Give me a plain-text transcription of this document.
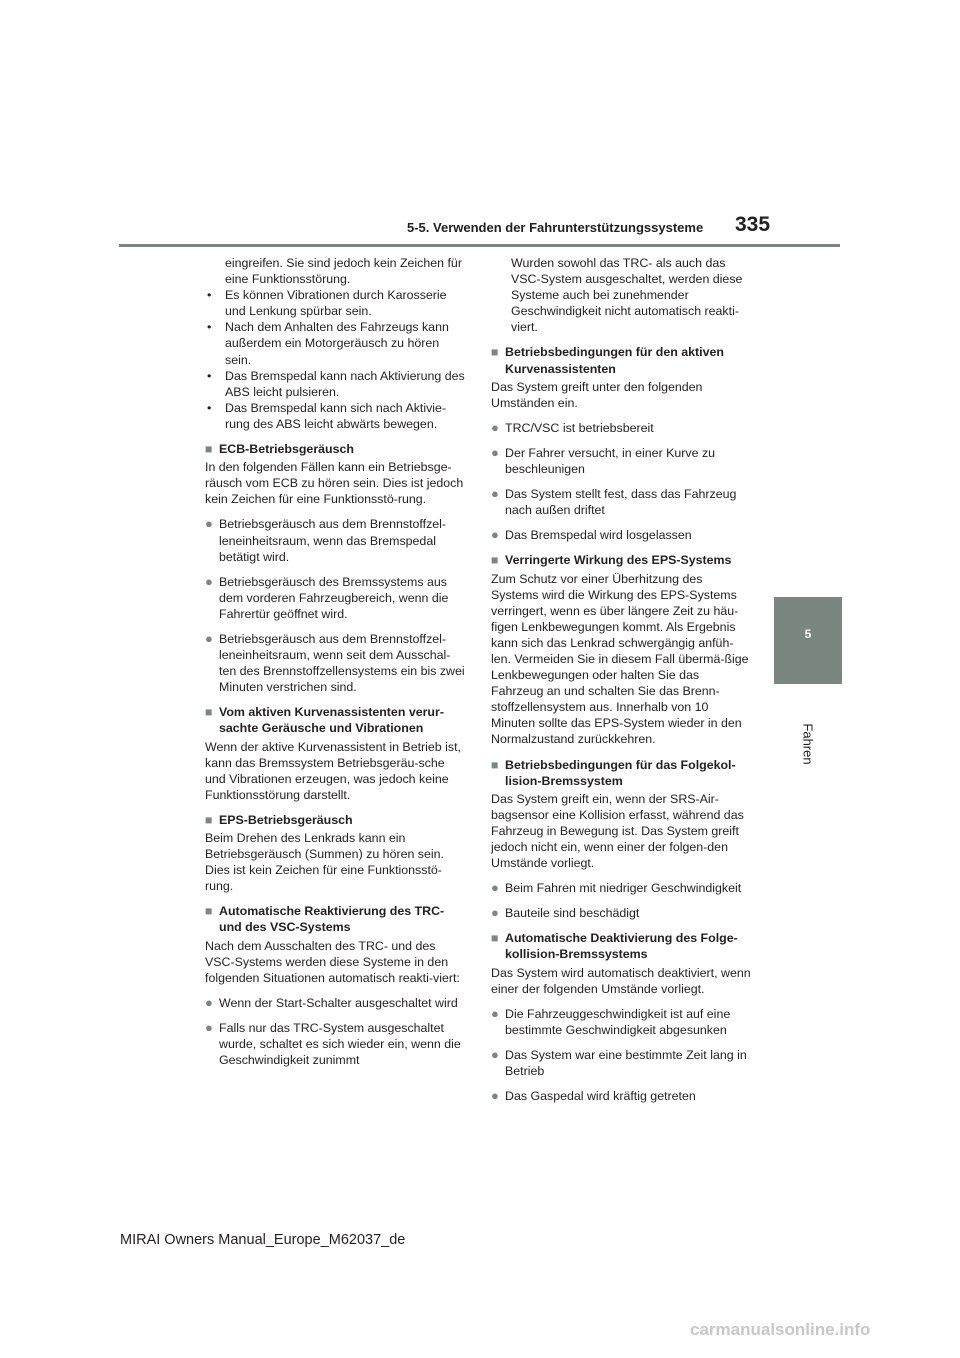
5-5. Verwenden der Fahrunterstützungssysteme 335
5
Fahren

eingreifen. Sie sind jedoch kein Zeichen für eine Funktionsstörung.

• Es können Vibrationen durch Karosserie und Lenkung spürbar sein.

• Nach dem Anhalten des Fahrzeugs kann außerdem ein Motorgeräusch zu hören sein.

• Das Bremspedal kann nach Aktivierung des ABS leicht pulsieren.

• Das Bremspedal kann sich nach Aktivie-rung des ABS leicht abwärts bewegen.

■ ECB-Betriebsgeräusch

In den folgenden Fällen kann ein Betriebsge-räusch vom ECB zu hören sein. Dies ist jedoch kein Zeichen für eine Funktionsstö-rung.

● Betriebsgeräusch aus dem Brennstoffzel-leneinheitsraum, wenn das Bremspedal betätigt wird.

● Betriebsgeräusch des Bremssystems aus dem vorderen Fahrzeugbereich, wenn die Fahrertür geöffnet wird.

● Betriebsgeräusch aus dem Brennstoffzel-leneinheitsraum, wenn seit dem Ausschal-ten des Brennstoffzellensystems ein bis zwei Minuten verstrichen sind.

■ Vom aktiven Kurvenassistenten verur-sachte Geräusche und Vibrationen

Wenn der aktive Kurvenassistent in Betrieb ist, kann das Bremssystem Betriebsgeräu-sche und Vibrationen erzeugen, was jedoch keine Funktionsstörung darstellt.

■ EPS-Betriebsgeräusch

Beim Drehen des Lenkrads kann ein Betriebsgeräusch (Summen) zu hören sein. Dies ist kein Zeichen für eine Funktionsstö-rung.

■ Automatische Reaktivierung des TRC- und des VSC-Systems

Nach dem Ausschalten des TRC- und des VSC-Systems werden diese Systeme in den folgenden Situationen automatisch reakti-viert:

● Wenn der Start-Schalter ausgeschaltet wird

● Falls nur das TRC-System ausgeschaltet wurde, schaltet es sich wieder ein, wenn die Geschwindigkeit zunimmt

Wurden sowohl das TRC- als auch das VSC-System ausgeschaltet, werden diese Systeme auch bei zunehmender Geschwindigkeit nicht automatisch reakti-viert.

■ Betriebsbedingungen für den aktiven Kurvenassistenten

Das System greift unter den folgenden Umständen ein.

● TRC/VSC ist betriebsbereit

● Der Fahrer versucht, in einer Kurve zu beschleunigen

● Das System stellt fest, dass das Fahrzeug nach außen driftet

● Das Bremspedal wird losgelassen

■ Verringerte Wirkung des EPS-Systems

Zum Schutz vor einer Überhitzung des Systems wird die Wirkung des EPS-Systems verringert, wenn es über längere Zeit zu häu-figen Lenkbewegungen kommt. Als Ergebnis kann sich das Lenkrad schwergängig anfüh-len. Vermeiden Sie in diesem Fall übermä-ßige Lenkbewegungen oder halten Sie das Fahrzeug an und schalten Sie das Brenn-stoffzellensystem aus. Innerhalb von 10 Minuten sollte das EPS-System wieder in den Normalzustand zurückkehren.

■ Betriebsbedingungen für das Folgekol-lision-Bremssystem

Das System greift ein, wenn der SRS-Air-bagsensor eine Kollision erfasst, während das Fahrzeug in Bewegung ist. Das System greift jedoch nicht ein, wenn einer der folgen-den Umstände vorliegt.

● Beim Fahren mit niedriger Geschwindigkeit

● Bauteile sind beschädigt

■ Automatische Deaktivierung des Folge-kollision-Bremssystems

Das System wird automatisch deaktiviert, wenn einer der folgenden Umstände vorliegt.

● Die Fahrzeuggeschwindigkeit ist auf eine bestimmte Geschwindigkeit abgesunken

● Das System war eine bestimmte Zeit lang in Betrieb

● Das Gaspedal wird kräftig getreten

MIRAI Owners Manual_Europe_M62037_de
carmanualsonline.info
